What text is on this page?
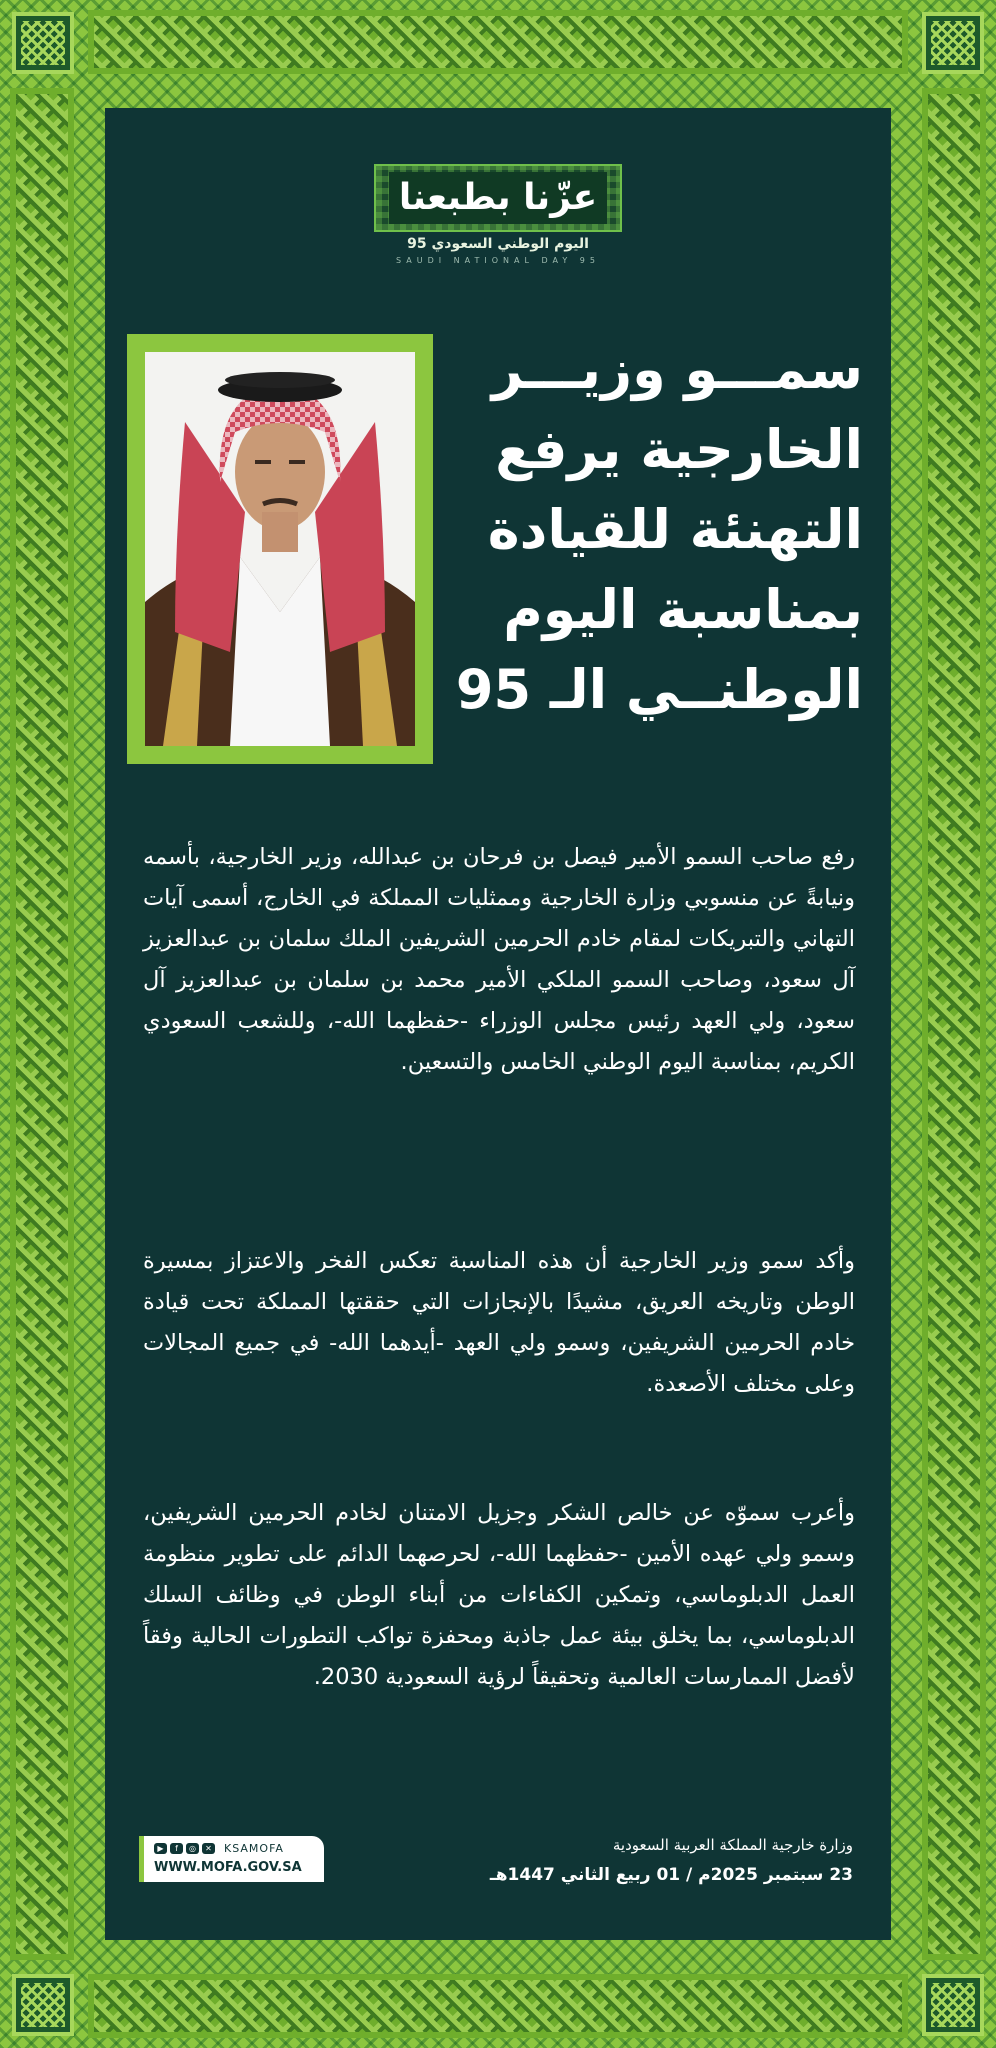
عزّنا بطبعنا
اليوم الوطني السعودي 95
SAUDI NATIONAL DAY 95
سمـــو وزيـــر
الخارجية يرفع
التهنئة للقيادة
بمناسبة اليوم
الوطنــي الـ 95

رفع صاحب السمو الأمير فيصل بن فرحان بن عبدالله، وزير الخارجية، بأسمه ونيابةً عن منسوبي وزارة الخارجية وممثليات المملكة في الخارج، أسمى آيات التهاني والتبريكات لمقام خادم الحرمين الشريفين الملك سلمان بن عبدالعزيز آل سعود، وصاحب السمو الملكي الأمير محمد بن سلمان بن عبدالعزيز آل سعود، ولي العهد رئيس مجلس الوزراء -حفظهما الله-، وللشعب السعودي الكريم، بمناسبة اليوم الوطني الخامس والتسعين.

وأكد سمو وزير الخارجية أن هذه المناسبة تعكس الفخر والاعتزاز بمسيرة الوطن وتاريخه العريق، مشيدًا بالإنجازات التي حققتها المملكة تحت قيادة خادم الحرمين الشريفين، وسمو ولي العهد -أيدهما الله- في جميع المجالات وعلى مختلف الأصعدة.

وأعرب سموّه عن خالص الشكر وجزيل الامتنان لخادم الحرمين الشريفين، وسمو ولي عهده الأمين -حفظهما الله-، لحرصهما الدائم على تطوير منظومة العمل الدبلوماسي، وتمكين الكفاءات من أبناء الوطن في وظائف السلك الدبلوماسي، بما يخلق بيئة عمل جاذبة ومحفزة تواكب التطورات الحالية وفقاً لأفضل الممارسات العالمية وتحقيقاً لرؤية السعودية 2030.

▶	f	◎	✕ KSAMOFA
WWW.MOFA.GOV.SA
وزارة خارجية المملكة العربية السعودية
23 سبتمبر 2025م / 01 ربيع الثاني 1447هـ
